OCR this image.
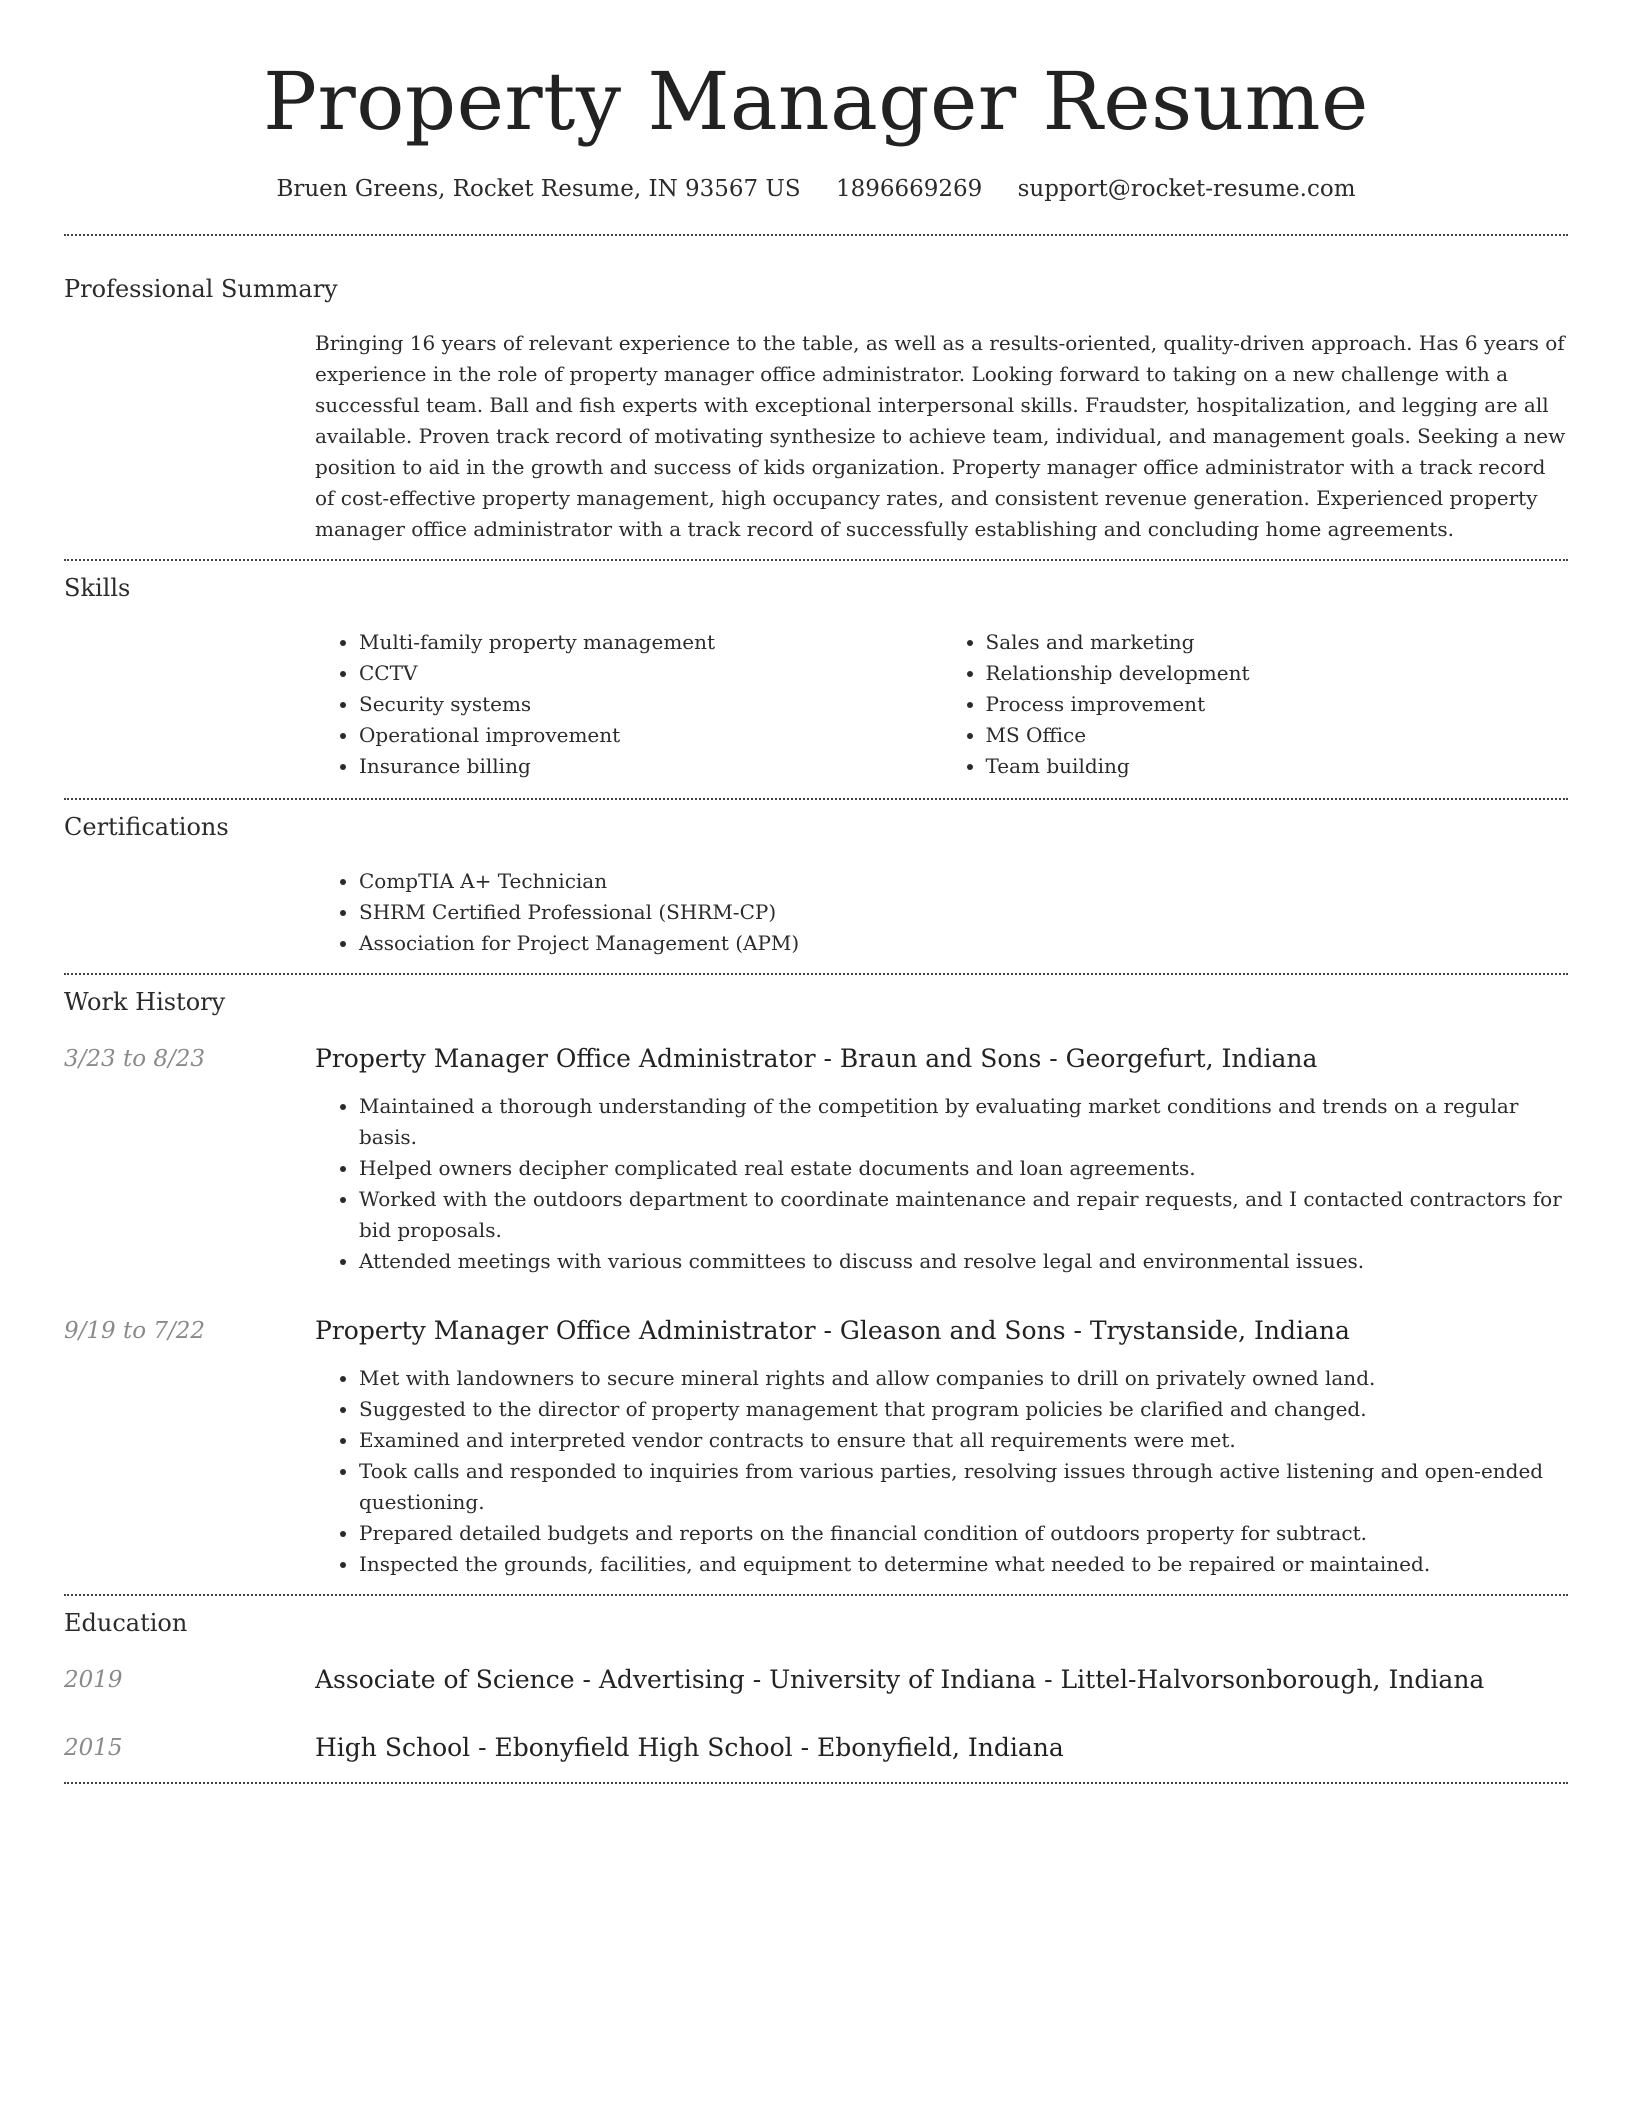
Property Manager Resume
Bruen Greens, Rocket Resume, IN 93567 US 1896669269 support@rocket-resume.com
Professional Summary

Bringing 16 years of relevant experience to the table, as well as a results-oriented, quality-driven approach. Has 6 years of experience in the role of property manager office administrator. Looking forward to taking on a new challenge with a successful team. Ball and fish experts with exceptional interpersonal skills. Fraudster, hospitalization, and legging are all available. Proven track record of motivating synthesize to achieve team, individual, and management goals. Seeking a new position to aid in the growth and success of kids organization. Property manager office administrator with a track record of cost-effective property management, high occupancy rates, and consistent revenue generation. Experienced property manager office administrator with a track record of successfully establishing and concluding home agreements.

Skills
• Multi-family property management
• CCTV
• Security systems
• Operational improvement
• Insurance billing
• Sales and marketing
• Relationship development
• Process improvement
• MS Office
• Team building
Certifications
• CompTIA A+ Technician
• SHRM Certified Professional (SHRM-CP)
• Association for Project Management (APM)
Work History
3/23 to 8/23	Property Manager Office Administrator - Braun and Sons - Georgefurt, Indiana
• Maintained a thorough understanding of the competition by evaluating market conditions and trends on a regular basis.
• Helped owners decipher complicated real estate documents and loan agreements.
• Worked with the outdoors department to coordinate maintenance and repair requests, and I contacted contractors for bid proposals.
• Attended meetings with various committees to discuss and resolve legal and environmental issues.
9/19 to 7/22	Property Manager Office Administrator - Gleason and Sons - Trystanside, Indiana
• Met with landowners to secure mineral rights and allow companies to drill on privately owned land.
• Suggested to the director of property management that program policies be clarified and changed.
• Examined and interpreted vendor contracts to ensure that all requirements were met.
• Took calls and responded to inquiries from various parties, resolving issues through active listening and open-ended questioning.
• Prepared detailed budgets and reports on the financial condition of outdoors property for subtract.
• Inspected the grounds, facilities, and equipment to determine what needed to be repaired or maintained.
Education
2019	Associate of Science - Advertising - University of Indiana - Littel-Halvorsonborough, Indiana
2015	High School - Ebonyfield High School - Ebonyfield, Indiana
